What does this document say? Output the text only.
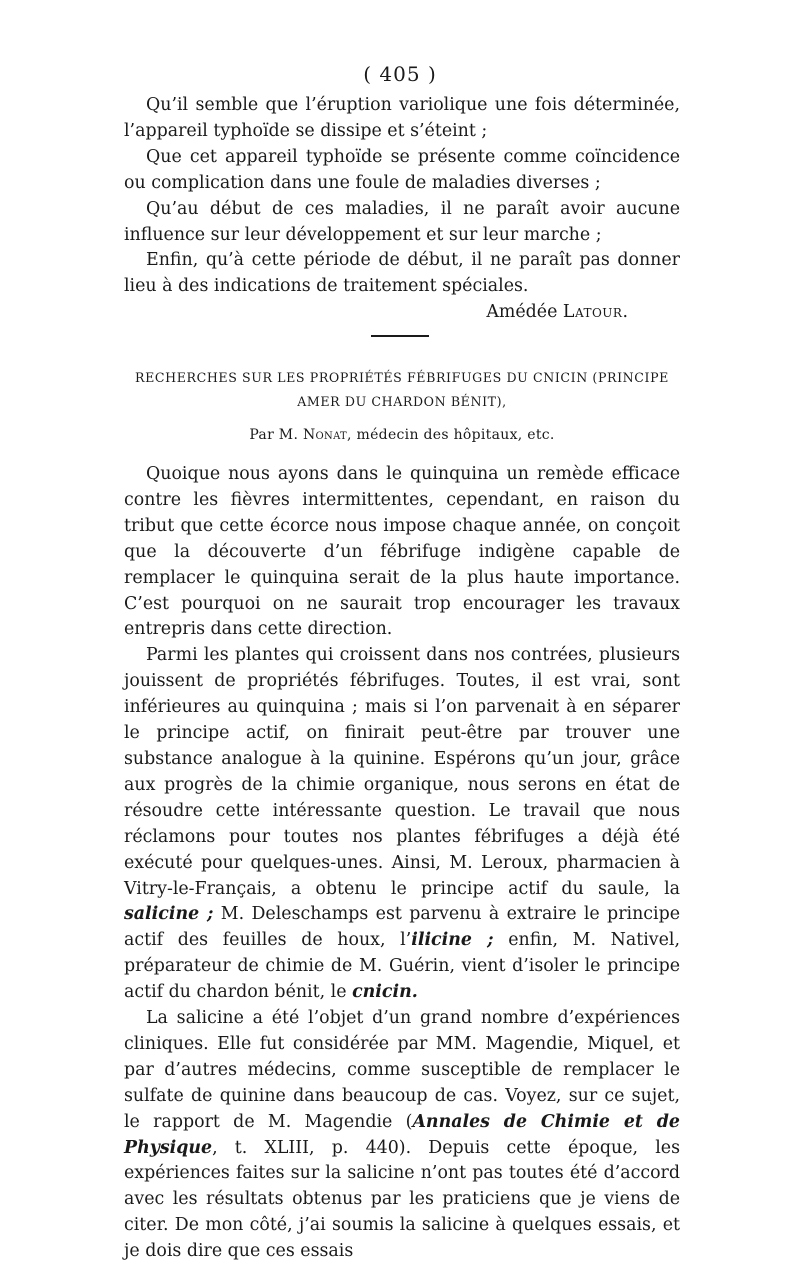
( 405 )

Qu’il semble que l’éruption variolique une fois déterminée, l’appareil typhoïde se dissipe et s’éteint ;

Que cet appareil typhoïde se présente comme coïncidence ou complication dans une foule de maladies diverses ;

Qu’au début de ces maladies, il ne paraît avoir aucune influence sur leur développement et sur leur marche ;

Enfin, qu’à cette période de début, il ne paraît pas donner lieu à des indications de traitement spéciales.

Amédée Latour.

RECHERCHES SUR LES PROPRIÉTÉS FÉBRIFUGES DU CNICIN (PRINCIPE AMER DU CHARDON BÉNIT),
Par M. Nonat, médecin des hôpitaux, etc.

Quoique nous ayons dans le quinquina un remède efficace contre les fièvres intermittentes, cependant, en raison du tribut que cette écorce nous impose chaque année, on conçoit que la découverte d’un fébrifuge indigène capable de remplacer le quinquina serait de la plus haute importance. C’est pourquoi on ne saurait trop encourager les travaux entrepris dans cette direction.

Parmi les plantes qui croissent dans nos contrées, plusieurs jouissent de propriétés fébrifuges. Toutes, il est vrai, sont inférieures au quinquina ; mais si l’on parvenait à en séparer le principe actif, on finirait peut-être par trouver une substance analogue à la quinine. Espérons qu’un jour, grâce aux progrès de la chimie organique, nous serons en état de résoudre cette intéressante question. Le travail que nous réclamons pour toutes nos plantes fébrifuges a déjà été exécuté pour quelques-unes. Ainsi, M. Leroux, pharmacien à Vitry-le-Français, a obtenu le principe actif du saule, la salicine ; M. Deleschamps est parvenu à extraire le principe actif des feuilles de houx, l’ilicine ; enfin, M. Nativel, préparateur de chimie de M. Guérin, vient d’isoler le principe actif du chardon bénit, le cnicin.

La salicine a été l’objet d’un grand nombre d’expériences cliniques. Elle fut considérée par MM. Magendie, Miquel, et par d’autres médecins, comme susceptible de remplacer le sulfate de quinine dans beaucoup de cas. Voyez, sur ce sujet, le rapport de M. Magendie (Annales de Chimie et de Physique, t. XLIII, p. 440). Depuis cette époque, les expériences faites sur la salicine n’ont pas toutes été d’accord avec les résultats obtenus par les praticiens que je viens de citer. De mon côté, j’ai soumis la salicine à quelques essais, et je dois dire que ces essais
